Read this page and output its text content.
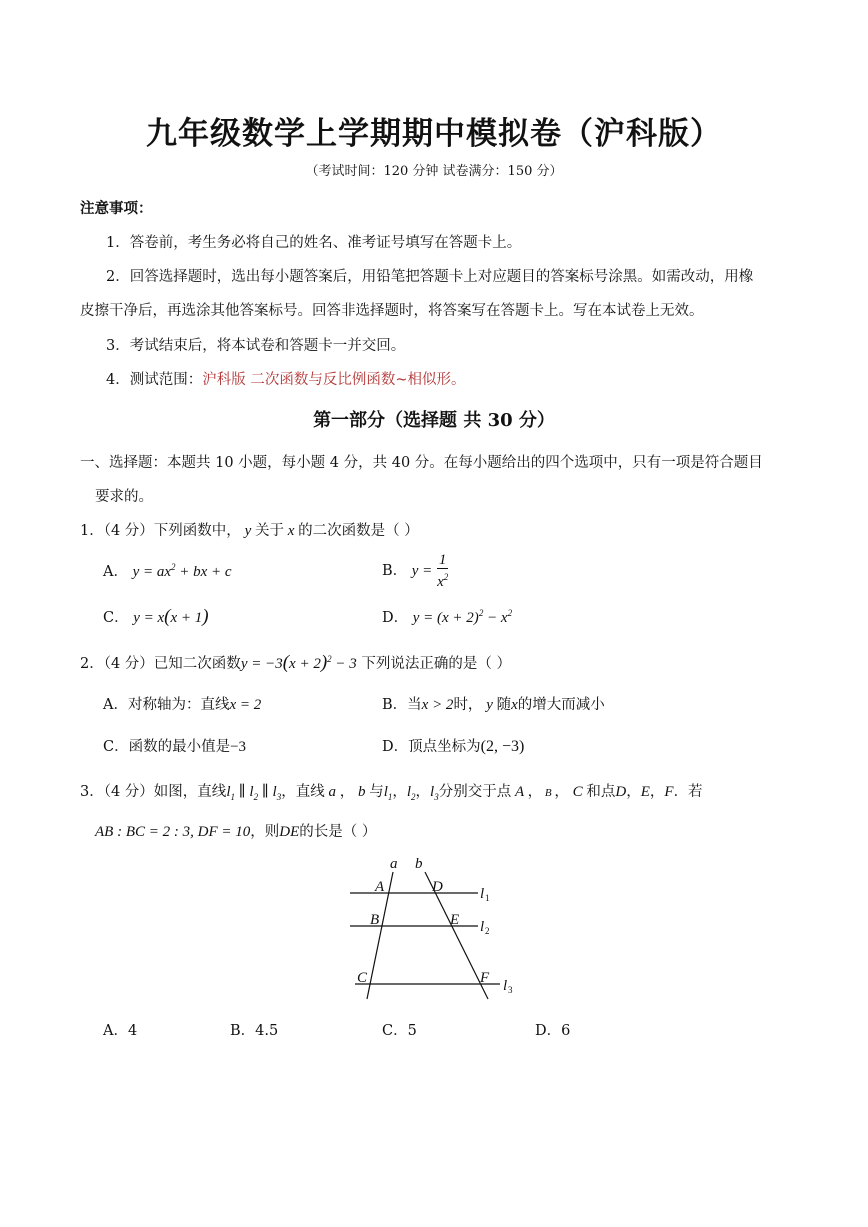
九年级数学上学期期中模拟卷（沪科版）
（考试时间：120 分钟 试卷满分：150 分）
注意事项：
1．答卷前，考生务必将自己的姓名、准考证号填写在答题卡上。
2．回答选择题时，选出每小题答案后，用铅笔把答题卡上对应题目的答案标号涂黑。如需改动，用橡
皮擦干净后，再选涂其他答案标号。回答非选择题时，将答案写在答题卡上。写在本试卷上无效。
3．考试结束后，将本试卷和答题卡一并交回。
4．测试范围：沪科版 二次函数与反比例函数~相似形。
第一部分（选择题 共 30 分）
一、选择题：本题共 10 小题，每小题 4 分，共 40 分。在每小题给出的四个选项中，只有一项是符合题目
要求的。
1．（4 分）下列函数中， y 关于 x 的二次函数是（ ）
A． $y = ax^2$ + bx + c	B． $y = \frac{1}{x^2}$
C． y = x(x + 1)	D． $y = (x + 2)^2 - x^2$
2．（4 分）已知二次函数$y = -3(x + 2)^2 - 3$ 下列说法正确的是（ ）
A．对称轴为：直线x = 2	B．当x > 2时， y 随x的增大而减小
C．函数的最小值是−3	D．顶点坐标为(2, −3)
3．（4 分）如图，直线$l_1$ ∥ $l_2$ ∥ $l_3$，直线 a ， b 与$l_1$，$l_2$，$l_3$分别交于点 A ， B ， C 和点D，E，F．若
AB : BC = 2 : 3, DF = 10，则DE的长是（ ）
a b
A	D
B	E
C	F
l 1
l 2
l 3
A．4	B．4.5	C．5	D．6
